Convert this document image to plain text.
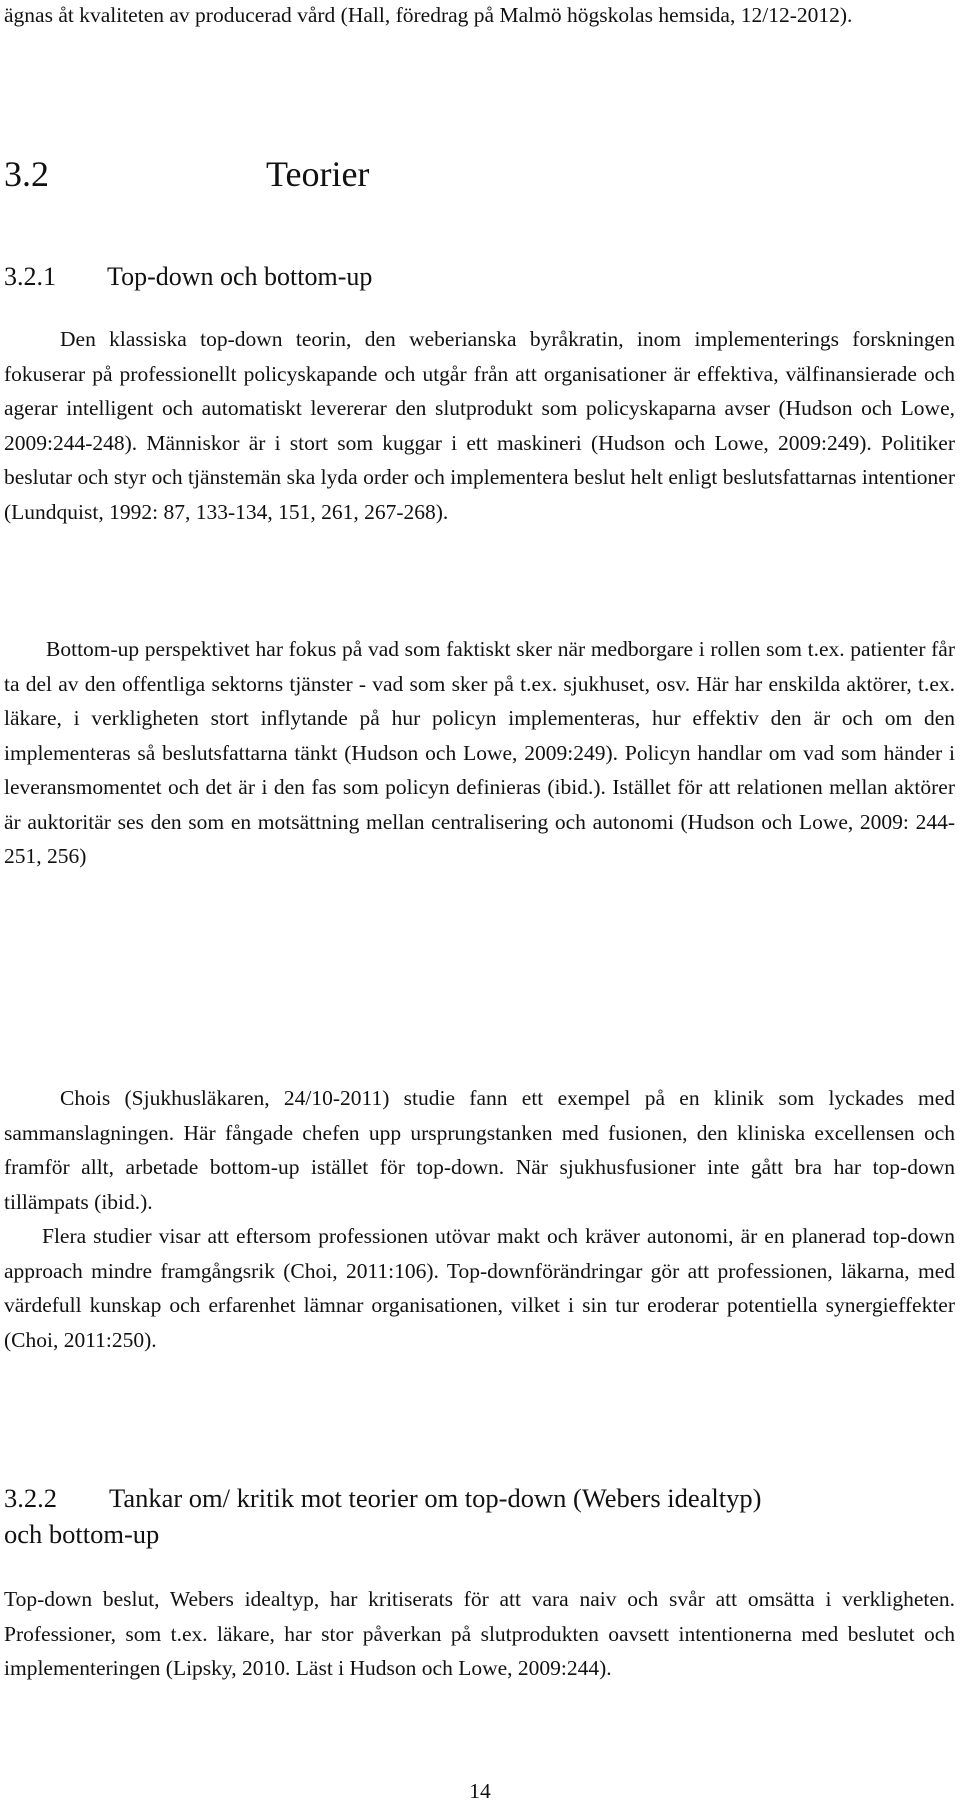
ägnas åt kvaliteten av producerad vård (Hall, föredrag på Malmö högskolas hemsida, 12/12-2012).

3.2	Teorier
3.2.1 Top-down och bottom-up

Den klassiska top-down teorin, den weberianska byråkratin, inom implementerings forskningen fokuserar på professionellt policyskapande och utgår från att organisationer är effektiva, välfinansierade och agerar intelligent och automatiskt levererar den slutprodukt som policyskaparna avser (Hudson och Lowe, 2009:244-248). Människor är i stort som kuggar i ett maskineri (Hudson och Lowe, 2009:249). Politiker beslutar och styr och tjänstemän ska lyda order och implementera beslut helt enligt beslutsfattarnas intentioner (Lundquist, 1992: 87, 133-134, 151, 261, 267-268).

Bottom-up perspektivet har fokus på vad som faktiskt sker när medborgare i rollen som t.ex. patienter får ta del av den offentliga sektorns tjänster - vad som sker på t.ex. sjukhuset, osv. Här har enskilda aktörer, t.ex. läkare, i verkligheten stort inflytande på hur policyn implementeras, hur effektiv den är och om den implementeras så beslutsfattarna tänkt (Hudson och Lowe, 2009:249). Policyn handlar om vad som händer i leveransmomentet och det är i den fas som policyn definieras (ibid.). Istället för att relationen mellan aktörer är auktoritär ses den som en motsättning mellan centralisering och autonomi (Hudson och Lowe, 2009: 244-251, 256)

Chois (Sjukhusläkaren, 24/10-2011) studie fann ett exempel på en klinik som lyckades med sammanslagningen. Här fångade chefen upp ursprungstanken med fusionen, den kliniska excellensen och framför allt, arbetade bottom-up istället för top-down. När sjukhusfusioner inte gått bra har top-down tillämpats (ibid.).

Flera studier visar att eftersom professionen utövar makt och kräver autonomi, är en planerad top-down approach mindre framgångsrik (Choi, 2011:106). Top-downförändringar gör att professionen, läkarna, med värdefull kunskap och erfarenhet lämnar organisationen, vilket i sin tur eroderar potentiella synergieffekter (Choi, 2011:250).

3.2.2 Tankar om/ kritik mot teorier om top-down (Webers idealtyp)
och bottom-up

Top-down beslut, Webers idealtyp, har kritiserats för att vara naiv och svår att omsätta i verkligheten. Professioner, som t.ex. läkare, har stor påverkan på slutprodukten oavsett intentionerna med beslutet och implementeringen (Lipsky, 2010. Läst i Hudson och Lowe, 2009:244).

14
